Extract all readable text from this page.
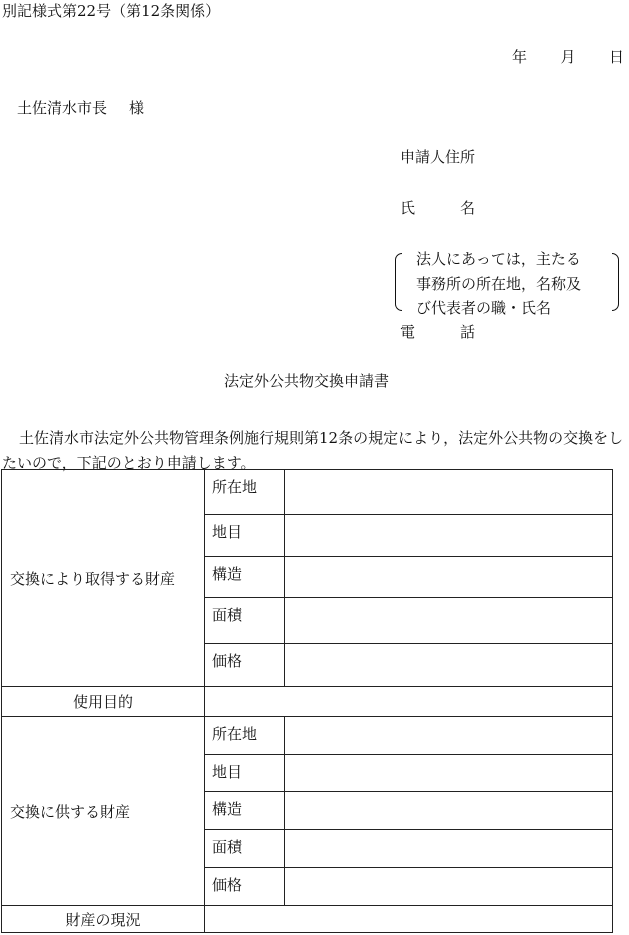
別記様式第22号（第12条関係）
年 月 日
土佐清水市長 様
申請人住所
氏　　　名
電　　　話
法人にあっては，主たる
事務所の所在地，名称及
び代表者の職・氏名
法定外公共物交換申請書
土佐清水市法定外公共物管理条例施行規則第12条の規定により，法定外公共物の交換をしたいので，下記のとおり申請します。
交換により取得する財産	所在地	
	地目	
	構造	
	面積	
	価格	
使用目的		
交換に供する財産	所在地	
	地目	
	構造	
	面積	
	価格	
財産の現況		
